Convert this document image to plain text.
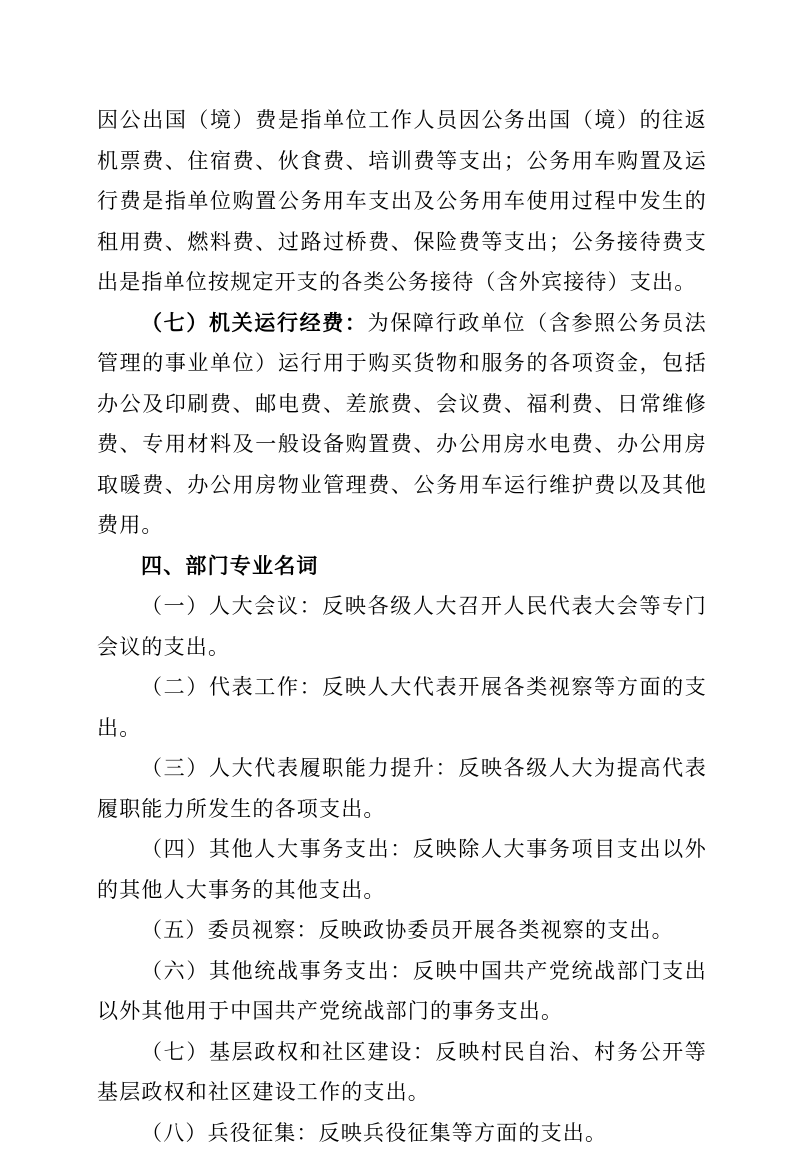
因公出国（境）费是指单位工作人员因公务出国（境）的往返机票费、住宿费、伙食费、培训费等支出；公务用车购置及运行费是指单位购置公务用车支出及公务用车使用过程中发生的租用费、燃料费、过路过桥费、保险费等支出；公务接待费支出是指单位按规定开支的各类公务接待（含外宾接待）支出。

（七）机关运行经费：为保障行政单位（含参照公务员法管理的事业单位）运行用于购买货物和服务的各项资金，包括办公及印刷费、邮电费、差旅费、会议费、福利费、日常维修费、专用材料及一般设备购置费、办公用房水电费、办公用房取暖费、办公用房物业管理费、公务用车运行维护费以及其他费用。

四、部门专业名词

（一）人大会议：反映各级人大召开人民代表大会等专门会议的支出。

（二）代表工作：反映人大代表开展各类视察等方面的支出。

（三）人大代表履职能力提升：反映各级人大为提高代表履职能力所发生的各项支出。

（四）其他人大事务支出：反映除人大事务项目支出以外的其他人大事务的其他支出。

（五）委员视察：反映政协委员开展各类视察的支出。

（六）其他统战事务支出：反映中国共产党统战部门支出以外其他用于中国共产党统战部门的事务支出。

（七）基层政权和社区建设：反映村民自治、村务公开等基层政权和社区建设工作的支出。

（八）兵役征集：反映兵役征集等方面的支出。
